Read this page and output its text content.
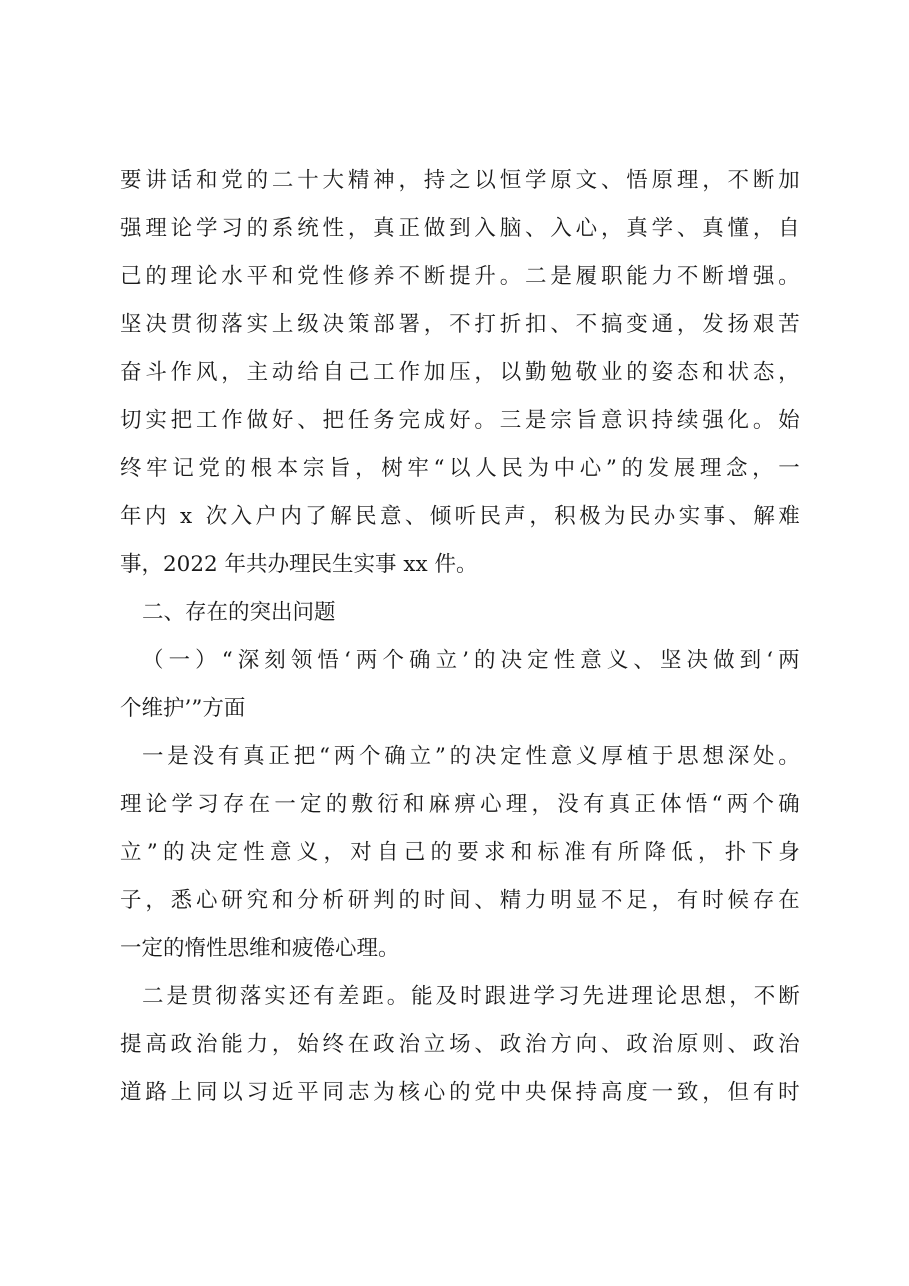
要 讲 话 和 党 的 二 十 大 精 神 ， 持 之 以 恒 学 原 文 、 悟 原 理 ， 不 断 加
强 理 论 学 习 的 系 统 性 ， 真 正 做 到 入 脑 、 入 心 ， 真 学 、 真 懂 ， 自
己 的 理 论 水 平 和 党 性 修 养 不 断 提 升 。 二 是 履 职 能 力 不 断 增 强 。
坚 决 贯 彻 落 实 上 级 决 策 部 署 ， 不 打 折 扣 、 不 搞 变 通 ， 发 扬 艰 苦
奋 斗 作 风 ， 主 动 给 自 己 工 作 加 压 ， 以 勤 勉 敬 业 的 姿 态 和 状 态 ，
切 实 把 工 作 做 好 、 把 任 务 完 成 好 。 三 是 宗 旨 意 识 持 续 强 化 。 始
终 牢 记 党 的 根 本 宗 旨 ， 树 牢 “ 以 人 民 为 中 心 ” 的 发 展 理 念 ， 一
年 内
x
次 入 户 内 了 解 民 意 、 倾 听 民 声 ， 积 极 为 民 办 实 事 、 解 难
事，2022 年共办理民生实事 xx 件。
二、存在的突出问题
（ 一 ） “ 深 刻 领 悟 ‘ 两 个 确 立 ’ 的 决 定 性 意 义 、 坚 决 做 到 ‘ 两
个维护’”方面
一 是 没 有 真 正 把 “ 两 个 确 立 ” 的 决 定 性 意 义 厚 植 于 思 想 深 处 。
理 论 学 习 存 在 一 定 的 敷 衍 和 麻 痹 心 理 ， 没 有 真 正 体 悟 “ 两 个 确
立 ” 的 决 定 性 意 义 ， 对 自 己 的 要 求 和 标 准 有 所 降 低 ， 扑 下 身
子 ， 悉 心 研 究 和 分 析 研 判 的 时 间 、 精 力 明 显 不 足 ， 有 时 候 存 在
一定的惰性思维和疲倦心理。
二 是 贯 彻 落 实 还 有 差 距 。 能 及 时 跟 进 学 习 先 进 理 论 思 想 ， 不 断
提 高 政 治 能 力 ， 始 终 在 政 治 立 场 、 政 治 方 向 、 政 治 原 则 、 政 治
道 路 上 同 以 习 近 平 同 志 为 核 心 的 党 中 央 保 持 高 度 一 致 ， 但 有 时
